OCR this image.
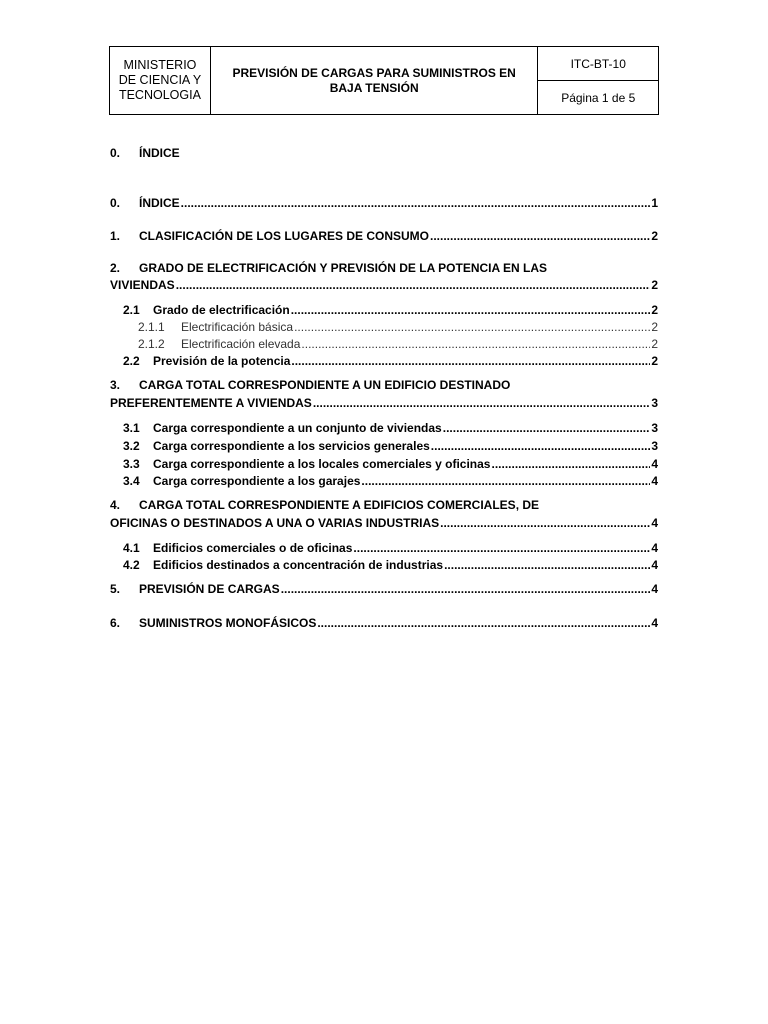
MINISTERIO
DE CIENCIA Y
TECNOLOGIA

PREVISIÓN DE CARGAS PARA SUMINISTROS EN
BAJA TENSIÓN
	ITC-BT-10
Página 1 de 5
0. ÍNDICE
0. ÍNDICE .....	1
1. CLASIFICACIÓN DE LOS LUGARES DE CONSUMO .....	2
2. GRADO DE ELECTRIFICACIÓN Y PREVISIÓN DE LA POTENCIA EN LAS
VIVIENDAS .....	2
2.1 Grado de electrificación .....	2
2.1.1 Electrificación básica .....	2
2.1.2 Electrificación elevada .....	2
2.2 Previsión de la potencia .....	2
3. CARGA TOTAL CORRESPONDIENTE A UN EDIFICIO DESTINADO
PREFERENTEMENTE A VIVIENDAS .....	3
3.1 Carga correspondiente a un conjunto de viviendas .....	3
3.2 Carga correspondiente a los servicios generales .....	3
3.3 Carga correspondiente a los locales comerciales y oficinas .....	4
3.4 Carga correspondiente a los garajes .....	4
4. CARGA TOTAL CORRESPONDIENTE A EDIFICIOS COMERCIALES, DE
OFICINAS O DESTINADOS A UNA O VARIAS INDUSTRIAS .....	4
4.1 Edificios comerciales o de oficinas .....	4
4.2 Edificios destinados a concentración de industrias .....	4
5. PREVISIÓN DE CARGAS .....	4
6. SUMINISTROS MONOFÁSICOS .....	4
